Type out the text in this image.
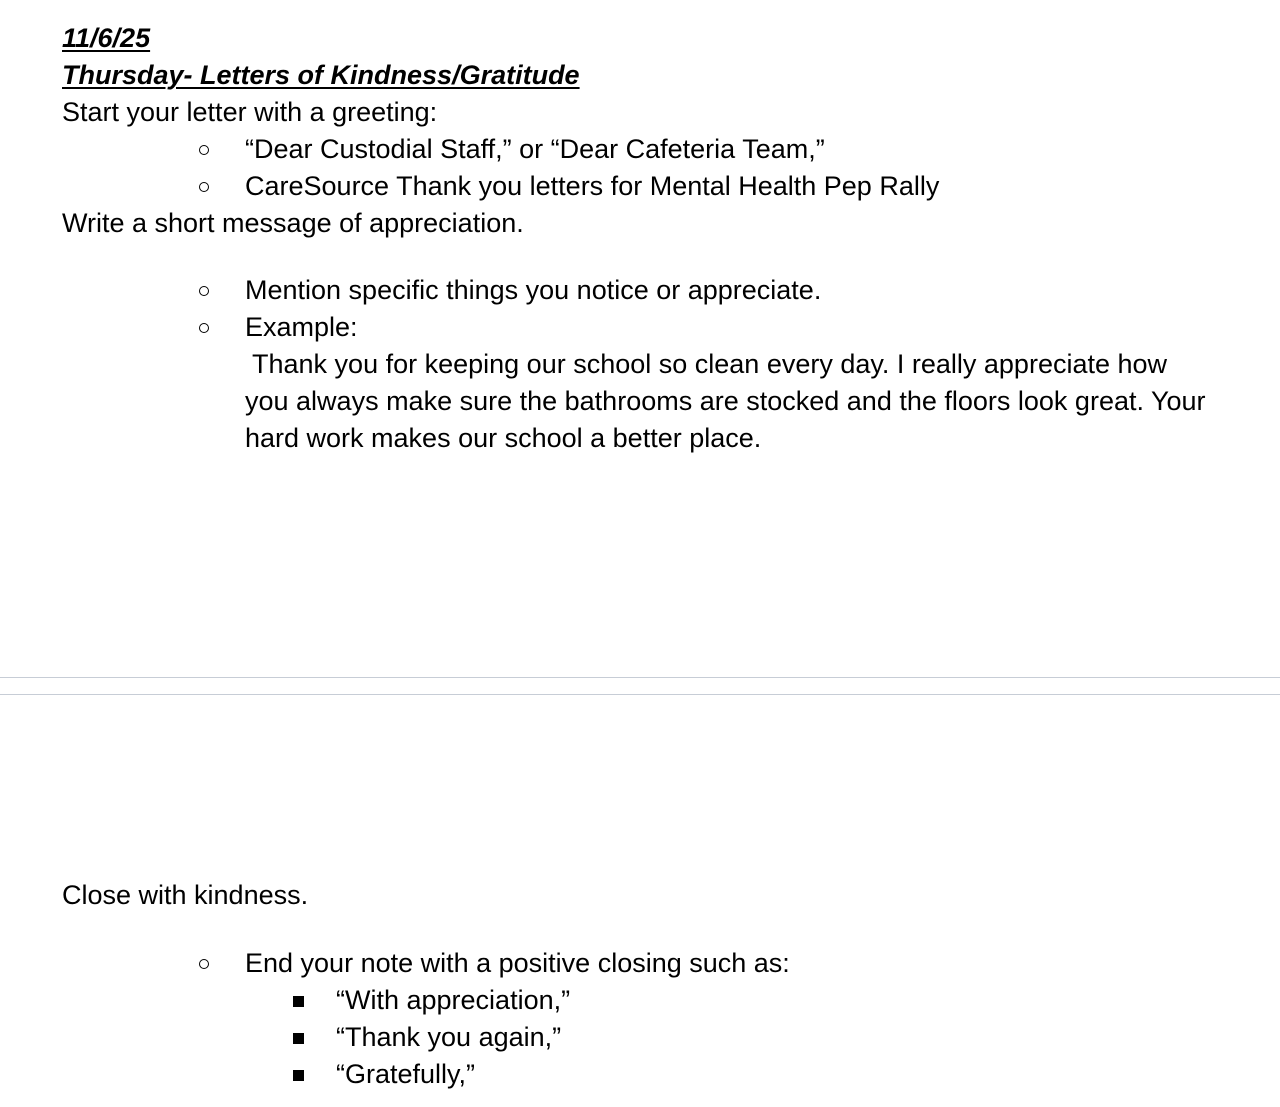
11/6/25
Thursday- Letters of Kindness/Gratitude
Start your letter with a greeting:
“Dear Custodial Staff,” or “Dear Cafeteria Team,”
CareSource Thank you letters for Mental Health Pep Rally
Write a short message of appreciation.
Mention specific things you notice or appreciate.
Example:
Thank you for keeping our school so clean every day. I really appreciate how
you always make sure the bathrooms are stocked and the floors look great. Your
hard work makes our school a better place.
Close with kindness.
End your note with a positive closing such as:
“With appreciation,”
“Thank you again,”
“Gratefully,”
